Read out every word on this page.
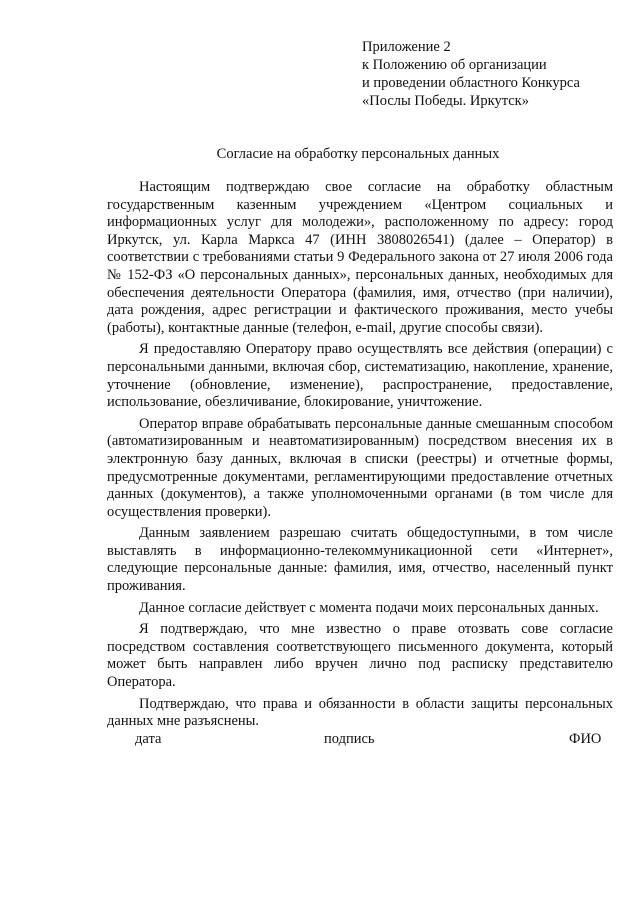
Приложение 2
к Положению об организации
и проведении областного Конкурса
«Послы Победы. Иркутск»
Согласие на обработку персональных данных

Настоящим подтверждаю свое согласие на обработку областным государственным казенным учреждением «Центром социальных и информационных услуг для молодежи», расположенному по адресу: город Иркутск, ул. Карла Маркса 47 (ИНН 3808026541) (далее – Оператор) в соответствии с требованиями статьи 9 Федерального закона от 27 июля 2006 года № 152-ФЗ «О персональных данных», персональных данных, необходимых для обеспечения деятельности Оператора (фамилия, имя, отчество (при наличии), дата рождения, адрес регистрации и фактического проживания, место учебы (работы), контактные данные (телефон, e-mail, другие способы связи).

Я предоставляю Оператору право осуществлять все действия (операции) с персональными данными, включая сбор, систематизацию, накопление, хранение, уточнение (обновление, изменение), распространение, предоставление, использование, обезличивание, блокирование, уничтожение.

Оператор вправе обрабатывать персональные данные смешанным способом (автоматизированным и неавтоматизированным) посредством внесения их в электронную базу данных, включая в списки (реестры) и отчетные формы, предусмотренные документами, регламентирующими предоставление отчетных данных (документов), а также уполномоченными органами (в том числе для осуществления проверки).

Данным заявлением разрешаю считать общедоступными, в том числе выставлять в информационно-телекоммуникационной сети «Интернет», следующие персональные данные: фамилия, имя, отчество, населенный пункт проживания.

Данное согласие действует с момента подачи моих персональных данных.

Я подтверждаю, что мне известно о праве отозвать сове согласие посредством составления соответствующего письменного документа, который может быть направлен либо вручен лично под расписку представителю Оператора.

Подтверждаю, что права и обязанности в области защиты персональных данных мне разъяснены.

дата	подпись	ФИО
